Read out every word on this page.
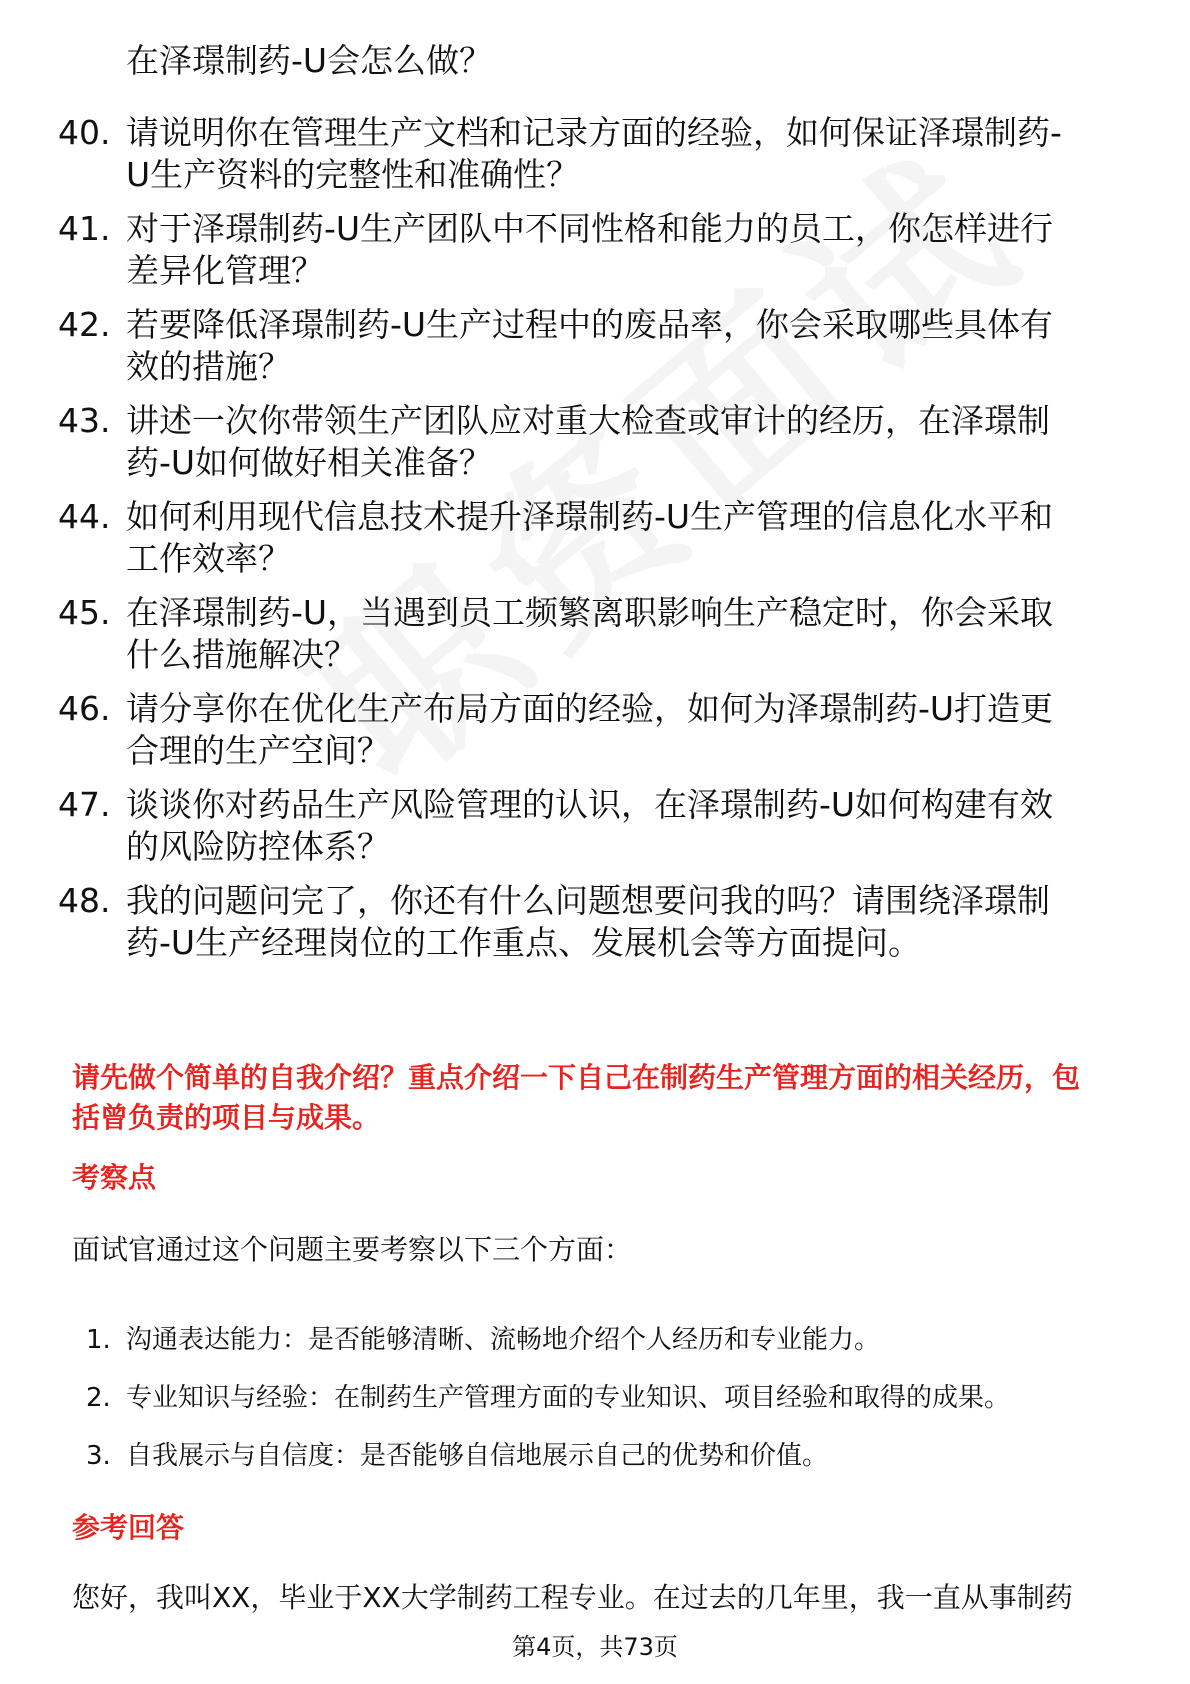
在泽璟制药-U会怎么做？
40. 请说明你在管理生产文档和记录方面的经验，如何保证泽璟制药-
U生产资料的完整性和准确性？
41. 对于泽璟制药-U生产团队中不同性格和能力的员工，你怎样进行
差异化管理？
42. 若要降低泽璟制药-U生产过程中的废品率，你会采取哪些具体有
效的措施？
43. 讲述一次你带领生产团队应对重大检查或审计的经历，在泽璟制
药-U如何做好相关准备？
44. 如何利用现代信息技术提升泽璟制药-U生产管理的信息化水平和
工作效率？
45. 在泽璟制药-U，当遇到员工频繁离职影响生产稳定时，你会采取
什么措施解决？
46. 请分享你在优化生产布局方面的经验，如何为泽璟制药-U打造更
合理的生产空间？
47. 谈谈你对药品生产风险管理的认识，在泽璟制药-U如何构建有效
的风险防控体系？
48. 我的问题问完了，你还有什么问题想要问我的吗？请围绕泽璟制
药-U生产经理岗位的工作重点、发展机会等方面提问。
请先做个简单的自我介绍？重点介绍一下自己在制药生产管理方面的相关经历，包
括曾负责的项目与成果。
考察点
面试官通过这个问题主要考察以下三个方面：
1. 沟通表达能力：是否能够清晰、流畅地介绍个人经历和专业能力。
2. 专业知识与经验：在制药生产管理方面的专业知识、项目经验和取得的成果。
3. 自我展示与自信度：是否能够自信地展示自己的优势和价值。
参考回答
您好，我叫XX，毕业于XX大学制药工程专业。在过去的几年里，我一直从事制药
第4页，共73页
